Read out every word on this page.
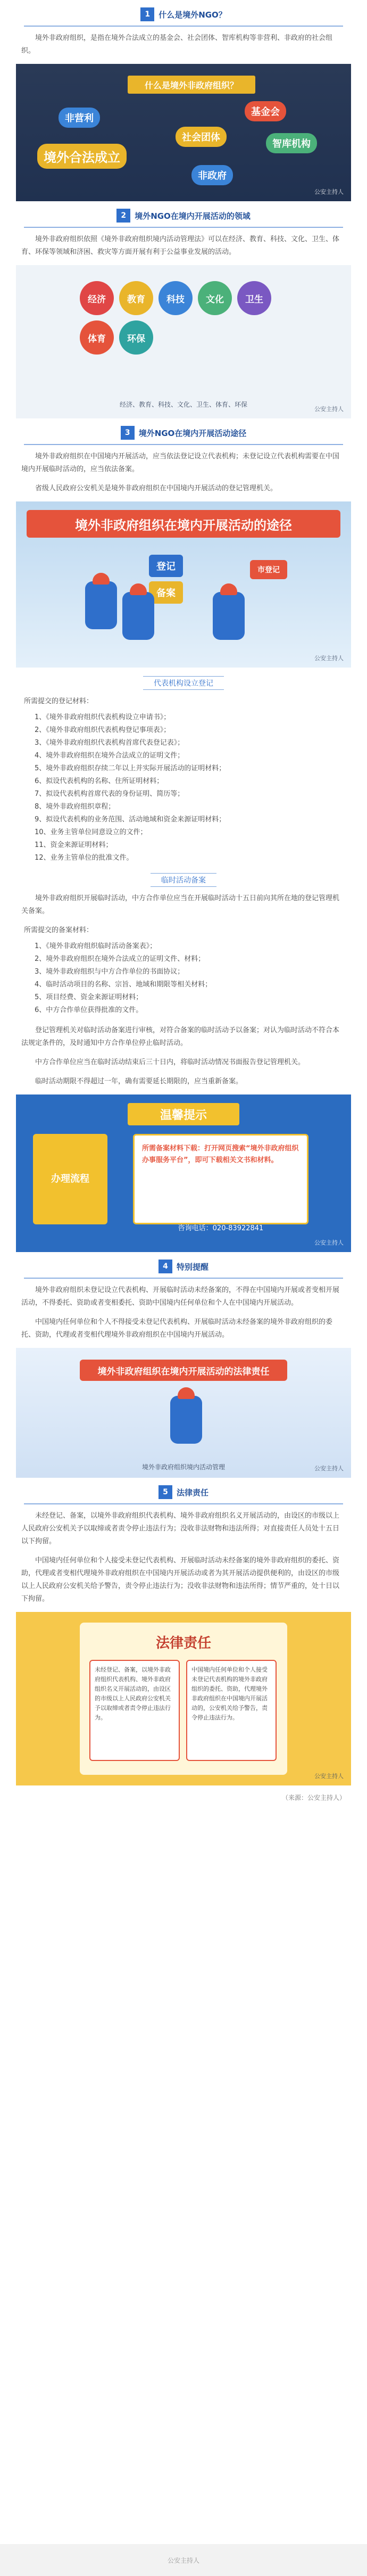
1	什么是境外NGO？

境外非政府组织，是指在境外合法成立的基金会、社会团体、智库机构等非营利、非政府的社会组织。

什么是境外非政府组织？
非营利
基金会
社会团体
智库机构
境外合法成立
非政府
公安主持人
2	境外NGO在境内开展活动的领域

境外非政府组织依照《境外非政府组织境内活动管理法》可以在经济、教育、科技、文化、卫生、体育、环保等领域和济困、救灾等方面开展有利于公益事业发展的活动。

经济	教育	科技	文化	卫生
体育	环保
经济、教育、科技、文化、卫生、体育、环保
公安主持人
3	境外NGO在境内开展活动途径

境外非政府组织在中国境内开展活动，应当依法登记设立代表机构；未登记设立代表机构需要在中国境内开展临时活动的，应当依法备案。

省级人民政府公安机关是境外非政府组织在中国境内开展活动的登记管理机关。

境外非政府组织在境内开展活动的途径
登记
备案
市登记
公安主持人
代表机构设立登记
所需提交的登记材料：
1、《境外非政府组织代表机构设立申请书》；
2、《境外非政府组织代表机构登记事项表》；
3、《境外非政府组织代表机构首席代表登记表》；
4、境外非政府组织在境外合法成立的证明文件；
5、境外非政府组织存续二年以上并实际开展活动的证明材料；
6、拟设代表机构的名称、住所证明材料；
7、拟设代表机构首席代表的身份证明、简历等；
8、境外非政府组织章程；
9、拟设代表机构的业务范围、活动地域和资金来源证明材料；
10、业务主管单位同意设立的文件；
11、资金来源证明材料；
12、业务主管单位的批准文件。
临时活动备案

境外非政府组织开展临时活动，中方合作单位应当在开展临时活动十五日前向其所在地的登记管理机关备案。

所需提交的备案材料：
1、《境外非政府组织临时活动备案表》；
2、境外非政府组织在境外合法成立的证明文件、材料；
3、境外非政府组织与中方合作单位的书面协议；
4、临时活动项目的名称、宗旨、地域和期限等相关材料；
5、项目经费、资金来源证明材料；
6、中方合作单位获得批准的文件。

登记管理机关对临时活动备案进行审核，对符合备案的临时活动予以备案；对认为临时活动不符合本法规定条件的，及时通知中方合作单位停止临时活动。

中方合作单位应当在临时活动结束后三十日内，将临时活动情况书面报告登记管理机关。

临时活动期限不得超过一年，确有需要延长期限的，应当重新备案。

温馨提示
办理流程
所需备案材料下载：打开网页搜索“境外非政府组织办事服务平台”，即可下载相关文书和材料。
咨询电话：020-83922841
公安主持人
4	特别提醒

境外非政府组织未登记设立代表机构、开展临时活动未经备案的，不得在中国境内开展或者变相开展活动，不得委托、资助或者变相委托、资助中国境内任何单位和个人在中国境内开展活动。

中国境内任何单位和个人不得接受未登记代表机构、开展临时活动未经备案的境外非政府组织的委托、资助，代理或者变相代理境外非政府组织在中国境内开展活动。

境外非政府组织在境内开展活动的法律责任
境外非政府组织境内活动管理	公安主持人
5	法律责任

未经登记、备案，以境外非政府组织代表机构、境外非政府组织名义开展活动的，由设区的市级以上人民政府公安机关予以取缔或者责令停止违法行为；没收非法财物和违法所得；对直接责任人员处十五日以下拘留。

中国境内任何单位和个人接受未登记代表机构、开展临时活动未经备案的境外非政府组织的委托、资助，代理或者变相代理境外非政府组织在中国境内开展活动或者为其开展活动提供便利的，由设区的市级以上人民政府公安机关给予警告，责令停止违法行为；没收非法财物和违法所得；情节严重的，处十日以下拘留。

法律责任
未经登记、备案，以境外非政府组织代表机构、境外非政府组织名义开展活动的，由设区的市级以上人民政府公安机关予以取缔或者责令停止违法行为。
中国境内任何单位和个人接受未登记代表机构的境外非政府组织的委托、资助，代理境外非政府组织在中国境内开展活动的，公安机关给予警告，责令停止违法行为。
公安主持人
（来源：公安主持人）
公安主持人
